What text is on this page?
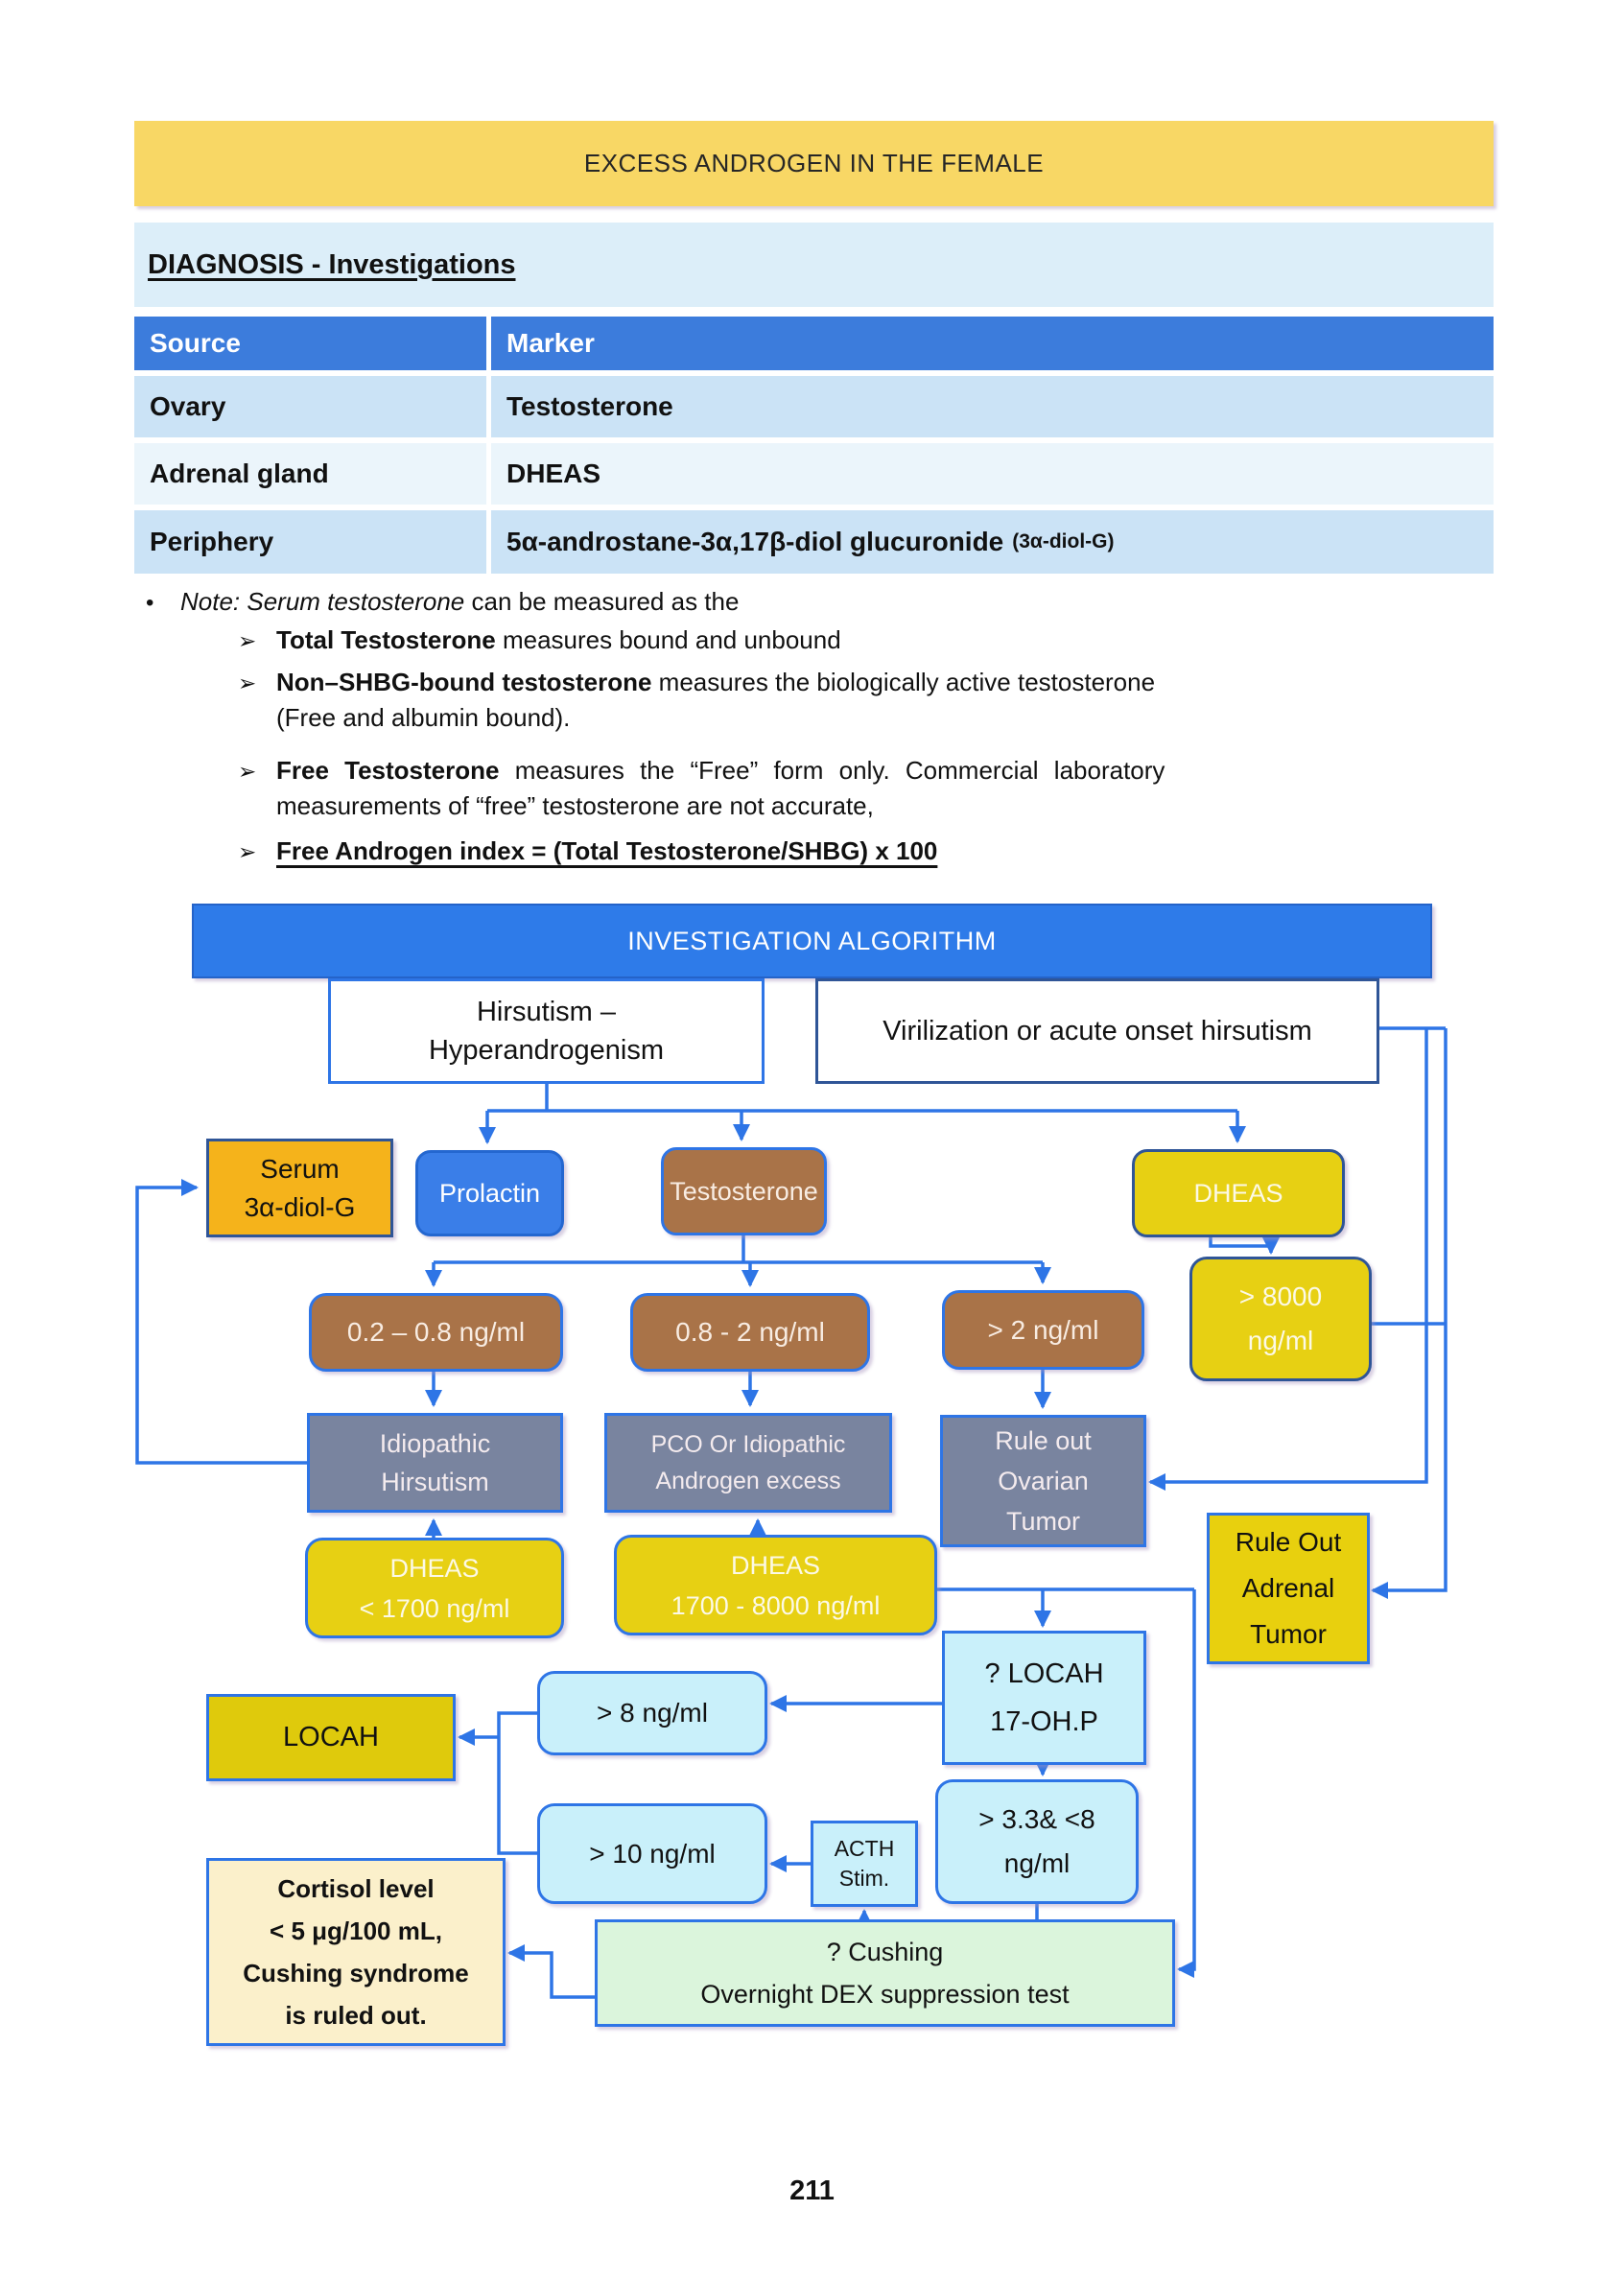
EXCESS ANDROGEN IN THE FEMALE
DIAGNOSIS - Investigations
Source	Marker
Ovary	Testosterone
Adrenal gland	DHEAS
Periphery	5α-androstane-3α,17β-diol glucuronide (3α-diol-G)
• Note: Serum testosterone can be measured as the
➢ Total Testosterone measures bound and unbound
➢ Non–SHBG-bound testosterone measures the biologically active testosterone
(Free and albumin bound).
➢ Free Testosterone measures the “Free” form only. Commercial laboratory
measurements of “free” testosterone are not accurate,
➢ Free Androgen index = (Total Testosterone/SHBG) x 100
INVESTIGATION ALGORITHM
Hirsutism –
Hyperandrogenism
Virilization or acute onset hirsutism
Serum
3α-diol-G	Prolactin	Testosterone	DHEAS
0.2 – 0.8 ng/ml	0.8 - 2 ng/ml	> 2 ng/ml
> 8000
ng/ml
Idiopathic
Hirsutism
PCO Or Idiopathic
Androgen excess
Rule out
Ovarian
Tumor
DHEAS
< 1700 ng/ml
DHEAS
1700 - 8000 ng/ml
Rule Out
Adrenal
Tumor
? LOCAH
17-OH.P
> 8 ng/ml
LOCAH
> 10 ng/ml	ACTH
Stim.
> 3.3& <8
ng/ml
Cortisol level
< 5 μg/100 mL,
Cushing syndrome
is ruled out.
? Cushing
Overnight DEX suppression test
211
